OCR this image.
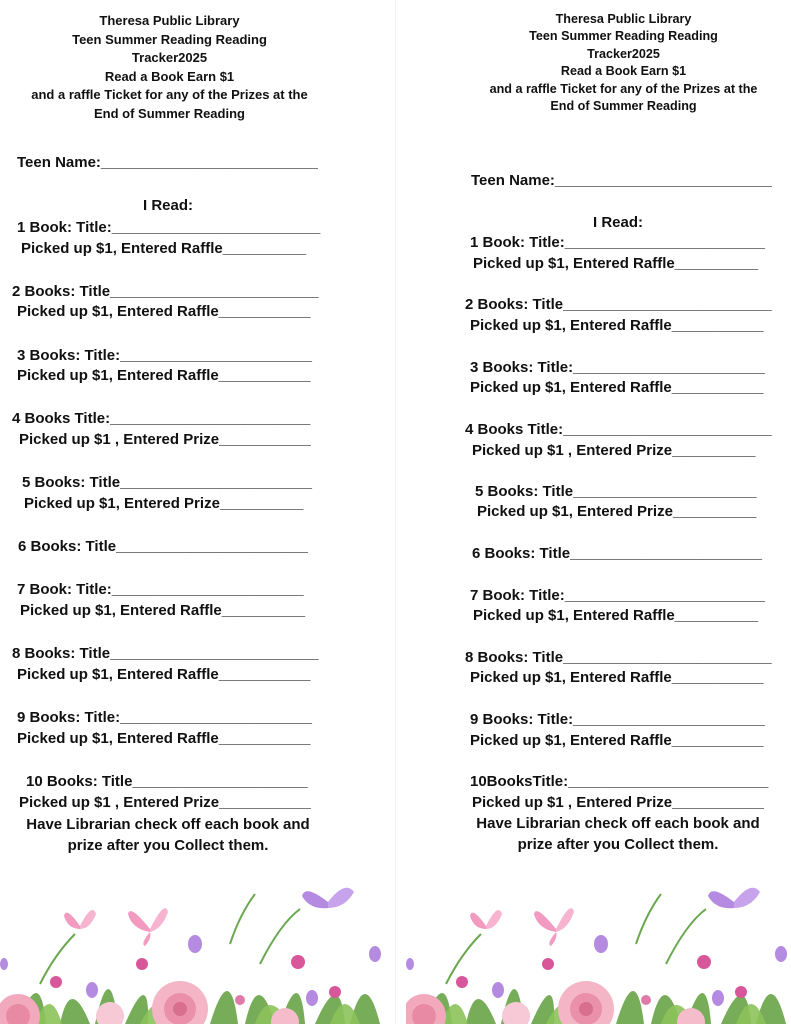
Theresa Public Library
Teen Summer Reading Reading
Tracker2025
Read a Book Earn $1
and a raffle Ticket for any of the Prizes at the
End of Summer Reading
Teen Name:__________________________
I Read:
1 Book: Title:_________________________
Picked up $1, Entered Raffle__________
2 Books: Title_________________________
Picked up $1, Entered Raffle___________
3 Books: Title:_______________________
Picked up $1, Entered Raffle___________
4 Books Title:________________________
Picked up $1 , Entered Prize___________
5 Books: Title_______________________
Picked up $1, Entered Prize__________
6 Books: Title_______________________
7 Book: Title:_______________________
Picked up $1, Entered Raffle__________
8 Books: Title_________________________
Picked up $1, Entered Raffle___________
9 Books: Title:_______________________
Picked up $1, Entered Raffle___________
10 Books: Title_____________________
Picked up $1 , Entered Prize___________
Have Librarian check off each book and
prize after you Collect them.
Theresa Public Library
Teen Summer Reading Reading
Tracker2025
Read a Book Earn $1
and a raffle Ticket for any of the Prizes at the
End of Summer Reading
Teen Name:__________________________
I Read:
1 Book: Title:________________________
Picked up $1, Entered Raffle__________
2 Books: Title_________________________
Picked up $1, Entered Raffle___________
3 Books: Title:_______________________
Picked up $1, Entered Raffle___________
4 Books Title:_________________________
Picked up $1 , Entered Prize__________
5 Books: Title______________________
Picked up $1, Entered Prize__________
6 Books: Title_______________________
7 Book: Title:________________________
Picked up $1, Entered Raffle__________
8 Books: Title_________________________
Picked up $1, Entered Raffle___________
9 Books: Title:_______________________
Picked up $1, Entered Raffle___________
10BooksTitle:________________________
Picked up $1 , Entered Prize___________
Have Librarian check off each book and
prize after you Collect them.
